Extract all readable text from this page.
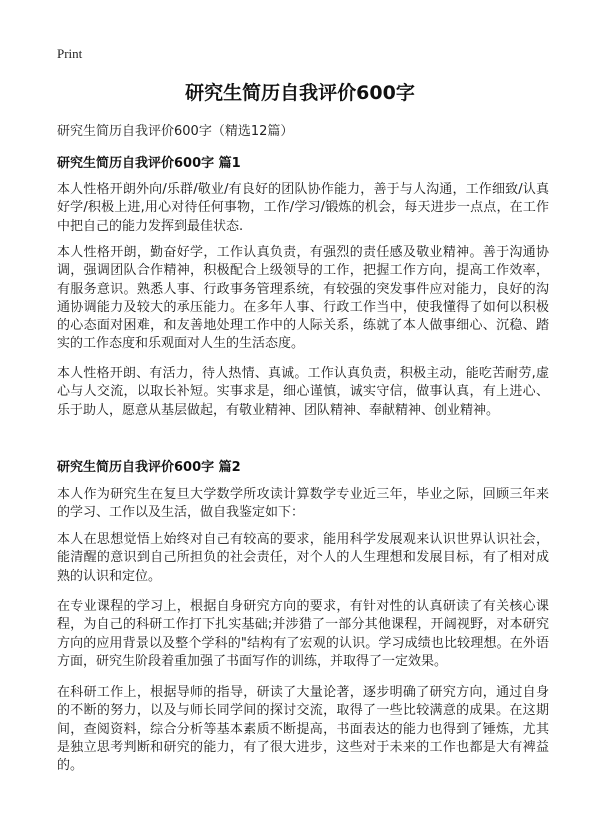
Print
研究生简历自我评价600字
研究生简历自我评价600字（精选12篇）
研究生简历自我评价600字 篇1

本人性格开朗外向/乐群/敬业/有良好的团队协作能力，善于与人沟通，工作细致/认真好学/积极上进,用心对待任何事物，工作/学习/锻炼的机会，每天进步一点点，在工作中把自己的能力发挥到最佳状态.

本人性格开朗，勤奋好学，工作认真负责，有强烈的责任感及敬业精神。善于沟通协调，强调团队合作精神，积极配合上级领导的工作，把握工作方向，提高工作效率，有服务意识。熟悉人事、行政事务管理系统，有较强的突发事件应对能力，良好的沟通协调能力及较大的承压能力。在多年人事、行政工作当中，使我懂得了如何以积极的心态面对困难，和友善地处理工作中的人际关系，练就了本人做事细心、沉稳、踏实的工作态度和乐观面对人生的生活态度。

本人性格开朗、有活力，待人热情、真诚。工作认真负责，积极主动，能吃苦耐劳,虚心与人交流，以取长补短。实事求是，细心谨慎，诚实守信，做事认真，有上进心、乐于助人，愿意从基层做起，有敬业精神、团队精神、奉献精神、创业精神。

研究生简历自我评价600字 篇2

本人作为研究生在复旦大学数学所攻读计算数学专业近三年，毕业之际，回顾三年来的学习、工作以及生活，做自我鉴定如下：

本人在思想觉悟上始终对自己有较高的要求，能用科学发展观来认识世界认识社会，能清醒的意识到自己所担负的社会责任，对个人的人生理想和发展目标，有了相对成熟的认识和定位。

在专业课程的学习上，根据自身研究方向的要求，有针对性的认真研读了有关核心课程，为自己的科研工作打下扎实基础;并涉猎了一部分其他课程，开阔视野，对本研究方向的应用背景以及整个学科的"结构有了宏观的认识。学习成绩也比较理想。在外语方面，研究生阶段着重加强了书面写作的训练，并取得了一定效果。

在科研工作上，根据导师的指导，研读了大量论著，逐步明确了研究方向，通过自身的不断的努力，以及与师长同学间的探讨交流，取得了一些比较满意的成果。在这期间，查阅资料，综合分析等基本素质不断提高，书面表达的能力也得到了锤炼，尤其是独立思考判断和研究的能力，有了很大进步，这些对于未来的工作也都是大有裨益的。
